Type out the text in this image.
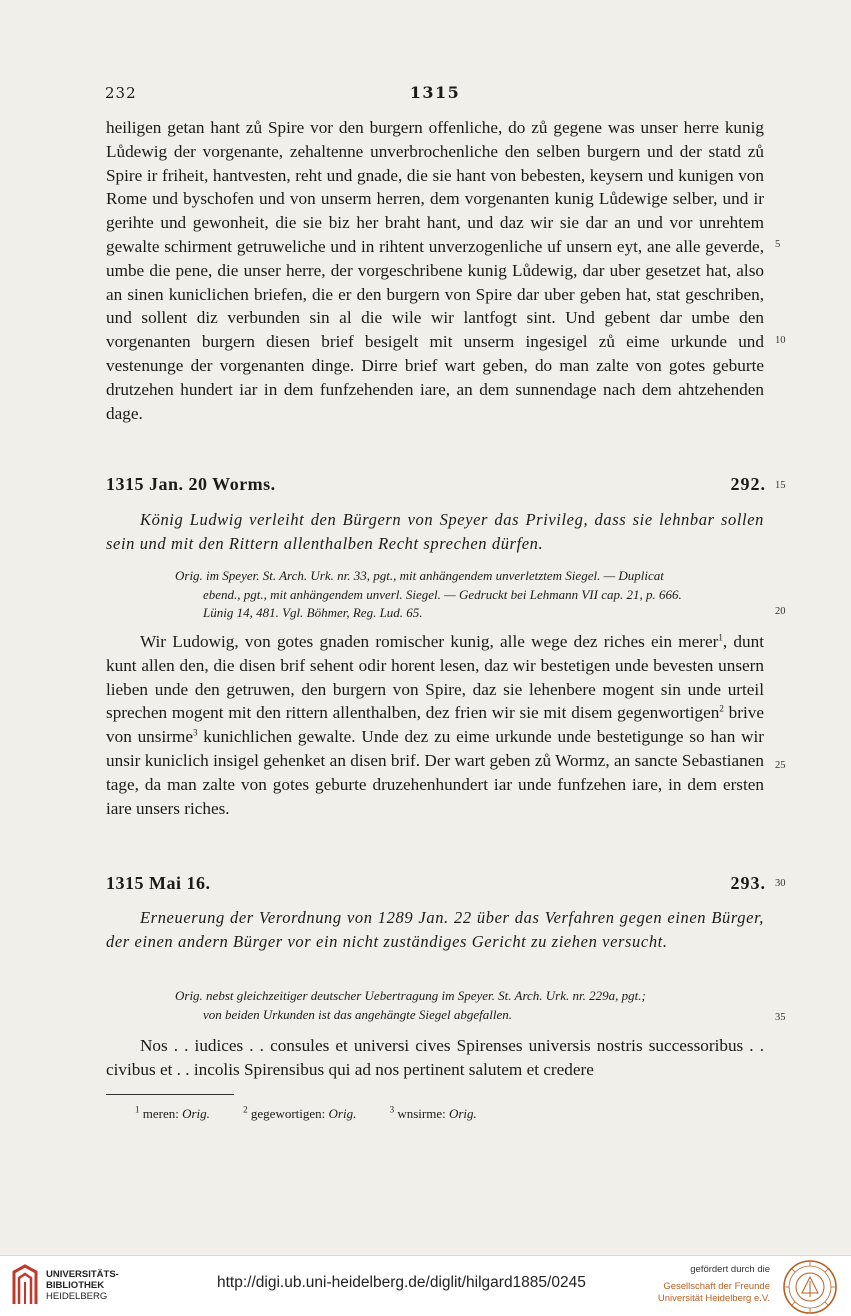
232	1315

heiligen getan hant zů Spire vor den burgern offenliche, do zů gegene was unser herre kunig Lůdewig der vorgenante, zehaltenne unverbrochenliche den selben burgern und der statd zů Spire ir friheit, hantvesten, reht und gnade, die sie hant von bebesten, keysern und kunigen von Rome und byschofen und von unserm herren, dem vorgenanten kunig Lůdewige selber, und ir gerihte und gewonheit, die sie biz her braht hant, und daz wir sie dar an und vor unrehtem gewalte schirment getruweliche und in rihtent unverzogenliche uf unsern eyt, ane alle geverde, umbe die pene, die unser herre, der vorgeschribene kunig Lůdewig, dar uber gesetzet hat, also an sinen kuniclichen briefen, die er den burgern von Spire dar uber geben hat, stat geschriben, und sollent diz verbunden sin al die wile wir lantfogt sint. Und gebent dar umbe den vorgenanten burgern diesen brief besigelt mit unserm ingesigel zů eime urkunde und vestenunge der vorgenanten dinge. Dirre brief wart geben, do man zalte von gotes geburte drutzehen hundert iar in dem funfzehenden iare, an dem sunnendage nach dem ahtzehenden dage.

1315 Jan. 20 Worms.	292.
König Ludwig verleiht den Bürgern von Speyer das Privileg, dass sie lehnbar sollen sein und mit den Rittern allenthalben Recht sprechen dürfen.

Orig. im Speyer. St. Arch. Urk. nr. 33, pgt., mit anhängendem unverletztem Siegel. — Duplicat

ebend., pgt., mit anhängendem unverl. Siegel. — Gedruckt bei Lehmann VII cap. 21, p. 666.

Lünig 14, 481. Vgl. Böhmer, Reg. Lud. 65.

Wir Ludowig, von gotes gnaden romischer kunig, alle wege dez riches ein merer$^1$, dunt kunt allen den, die disen brif sehent odir horent lesen, daz wir bestetigen unde bevesten unsern lieben unde den getruwen, den burgern von Spire, daz sie lehenbere mogent sin unde urteil sprechen mogent mit den rittern allenthalben, dez frien wir sie mit disem gegenwortigen$^2$ brive von unsirme$^3$ kunichlichen gewalte. Unde dez zu eime urkunde unde bestetigunge so han wir unsir kuniclich insigel gehenket an disen brif. Der wart geben zů Wormz, an sancte Sebastianen tage, da man zalte von gotes geburte druzehenhundert iar unde funfzehen iare, in dem ersten iare unsers riches.

1315 Mai 16.	293.
Erneuerung der Verordnung von 1289 Jan. 22 über das Verfahren gegen einen Bürger, der einen andern Bürger vor ein nicht zuständiges Gericht zu ziehen versucht.

Orig. nebst gleichzeitiger deutscher Uebertragung im Speyer. St. Arch. Urk. nr. 229a, pgt.;

von beiden Urkunden ist das angehängte Siegel abgefallen.

Nos . . iudices . . consules et universi cives Spirenses universis nostris successoribus . . civibus et . . incolis Spirensibus qui ad nos pertinent salutem et credere

5
10
15
20
25
30
35
$^1$ meren: Orig.	$^2$ gegewortigen: Orig.	$^3$ wnsirme: Orig.
UNIVERSITÄTS-
BIBLIOTHEK
HEIDELBERG
http://digi.ub.uni-heidelberg.de/diglit/hilgard1885/0245
gefördert durch die
Gesellschaft der Freunde
Universität Heidelberg e.V.
